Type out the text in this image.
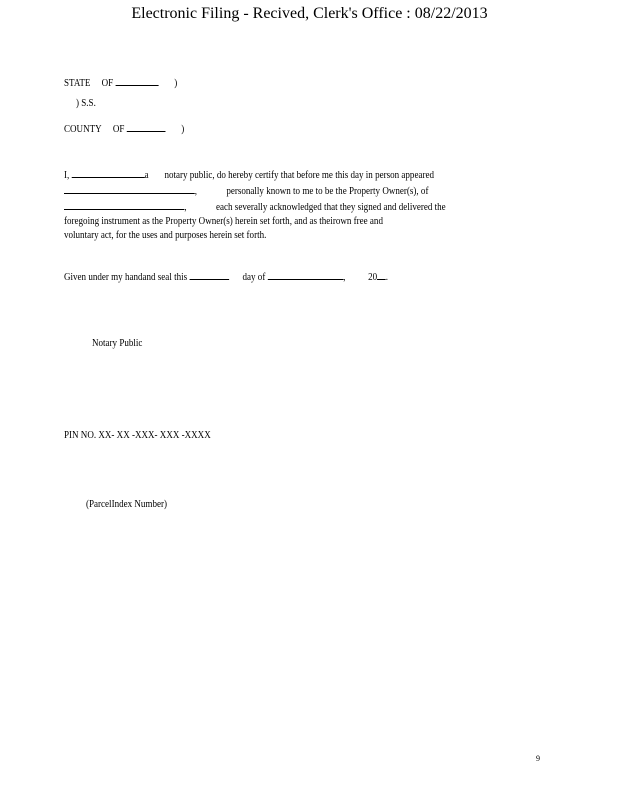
Electronic Filing - Recived, Clerk's Office : 08/22/2013
STATE OF	)
) S.S.
COUNTY OF	)
I,	a notary public, do hereby certify that before me this day in person appeared
,             personally known to me to be the Property Owner(s), of
,             each severally acknowledged that they signed and delivered the
foregoing instrument as the Property Owner(s) herein set forth, and as theirown free and
voluntary act, for the uses and purposes herein set forth.
Given under my handand seal this	day of	, 20 .
Notary Public
PIN NO. XX- XX -XXX- XXX -XXXX
(ParcelIndex Number)
9
